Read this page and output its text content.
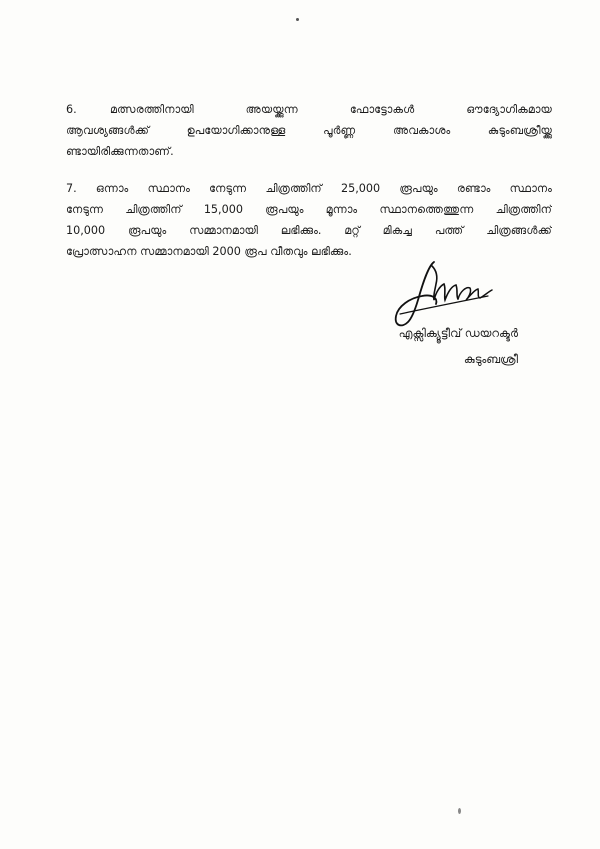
6.	മത്സരത്തിനായി അയയ്ക്കുന്ന ഫോട്ടോകൾ ഔദ്യോഗികമായ
ആവശ്യങ്ങൾക്ക് ഉപയോഗിക്കാനുള്ള പൂർണ്ണ അവകാശം കുടുംബശ്രീയ്ക്കു
ണ്ടായിരിക്കുന്നതാണ്.
7. ഒന്നാം സ്ഥാനം നേടുന്ന ചിത്രത്തിന് 25,000 രൂപയും രണ്ടാം സ്ഥാനം
നേടുന്ന ചിത്രത്തിന് 15,000 രൂപയും മൂന്നാം സ്ഥാനത്തെത്തുന്ന ചിത്രത്തിന്
10,000 രൂപയും സമ്മാനമായി ലഭിക്കും. മറ്റ് മികച്ച പത്ത് ചിത്രങ്ങൾക്ക്
പ്രോത്സാഹന സമ്മാനമായി 2000 രൂപ വീതവും ലഭിക്കും.
എക്സിക്യൂട്ടീവ് ഡയറക്ടർ
കുടുംബശ്രീ
